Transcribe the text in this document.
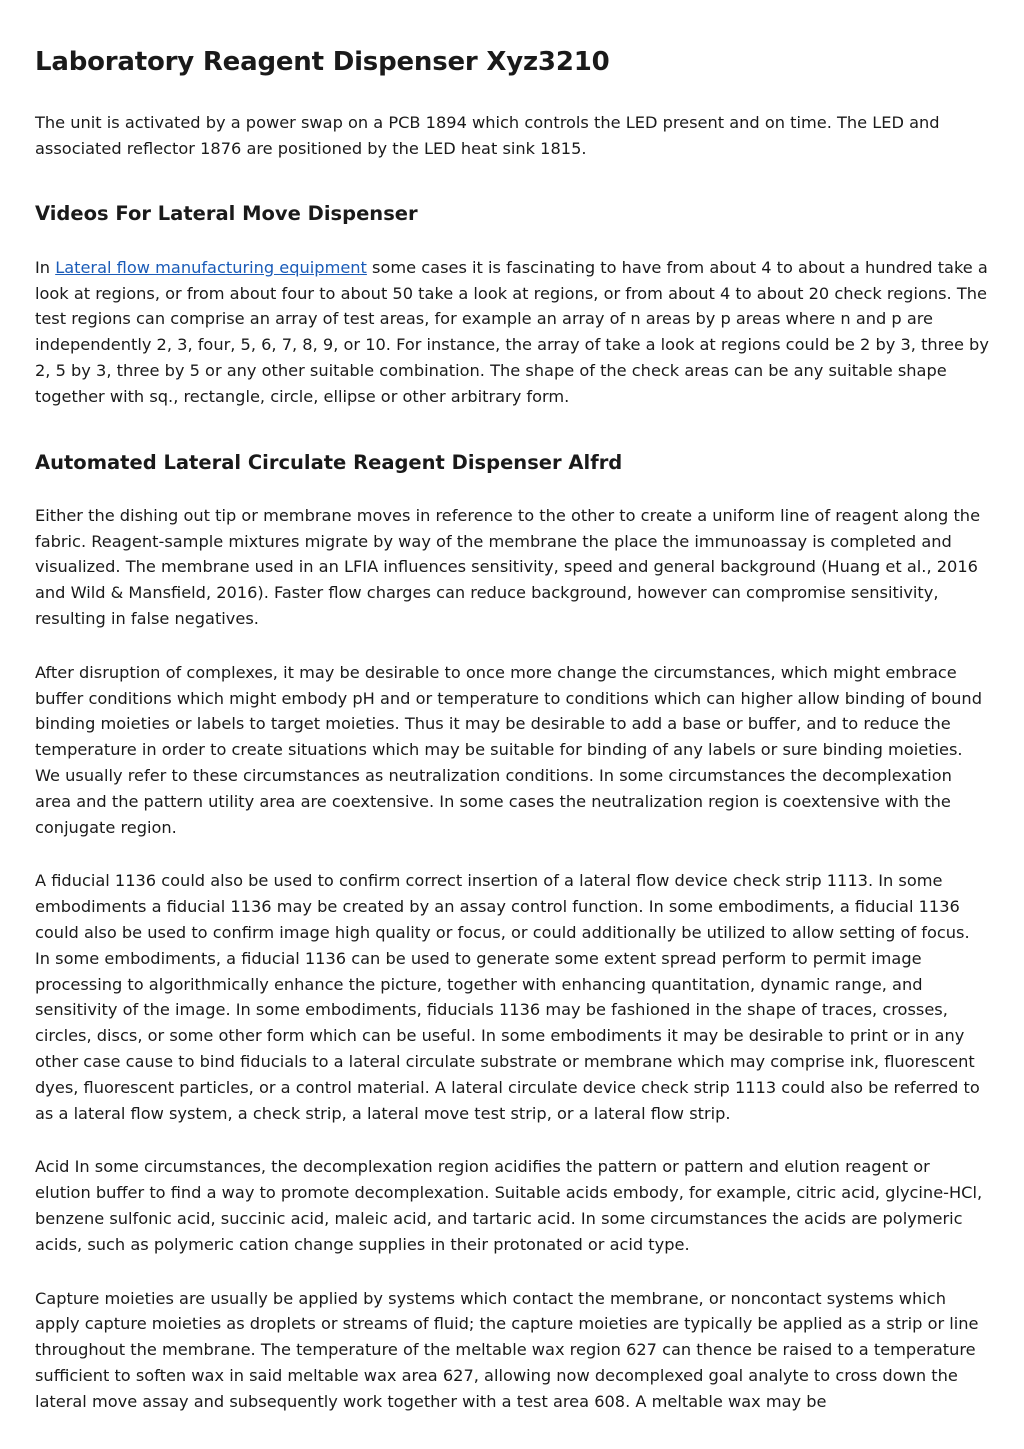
Laboratory Reagent Dispenser Xyz3210

The unit is activated by a power swap on a PCB 1894 which controls the LED present and on time. The LED and associated reflector 1876 are positioned by the LED heat sink 1815.

Videos For Lateral Move Dispenser

In Lateral flow manufacturing equipment some cases it is fascinating to have from about 4 to about a hundred take a look at regions, or from about four to about 50 take a look at regions, or from about 4 to about 20 check regions. The test regions can comprise an array of test areas, for example an array of n areas by p areas where n and p are independently 2, 3, four, 5, 6, 7, 8, 9, or 10. For instance, the array of take a look at regions could be 2 by 3, three by 2, 5 by 3, three by 5 or any other suitable combination. The shape of the check areas can be any suitable shape together with sq., rectangle, circle, ellipse or other arbitrary form.

Automated Lateral Circulate Reagent Dispenser Alfrd

Either the dishing out tip or membrane moves in reference to the other to create a uniform line of reagent along the fabric. Reagent-sample mixtures migrate by way of the membrane the place the immunoassay is completed and visualized. The membrane used in an LFIA influences sensitivity, speed and general background (Huang et al., 2016 and Wild & Mansfield, 2016). Faster flow charges can reduce background, however can compromise sensitivity, resulting in false negatives.

After disruption of complexes, it may be desirable to once more change the circumstances, which might embrace buffer conditions which might embody pH and or temperature to conditions which can higher allow binding of bound binding moieties or labels to target moieties. Thus it may be desirable to add a base or buffer, and to reduce the temperature in order to create situations which may be suitable for binding of any labels or sure binding moieties. We usually refer to these circumstances as neutralization conditions. In some circumstances the decomplexation area and the pattern utility area are coextensive. In some cases the neutralization region is coextensive with the conjugate region.

A fiducial 1136 could also be used to confirm correct insertion of a lateral flow device check strip 1113. In some embodiments a fiducial 1136 may be created by an assay control function. In some embodiments, a fiducial 1136 could also be used to confirm image high quality or focus, or could additionally be utilized to allow setting of focus. In some embodiments, a fiducial 1136 can be used to generate some extent spread perform to permit image processing to algorithmically enhance the picture, together with enhancing quantitation, dynamic range, and sensitivity of the image. In some embodiments, fiducials 1136 may be fashioned in the shape of traces, crosses, circles, discs, or some other form which can be useful. In some embodiments it may be desirable to print or in any other case cause to bind fiducials to a lateral circulate substrate or membrane which may comprise ink, fluorescent dyes, fluorescent particles, or a control material. A lateral circulate device check strip 1113 could also be referred to as a lateral flow system, a check strip, a lateral move test strip, or a lateral flow strip.

Acid In some circumstances, the decomplexation region acidifies the pattern or pattern and elution reagent or elution buffer to find a way to promote decomplexation. Suitable acids embody, for example, citric acid, glycine-HCl, benzene sulfonic acid, succinic acid, maleic acid, and tartaric acid. In some circumstances the acids are polymeric acids, such as polymeric cation change supplies in their protonated or acid type.

Capture moieties are usually be applied by systems which contact the membrane, or noncontact systems which apply capture moieties as droplets or streams of fluid; the capture moieties are typically be applied as a strip or line throughout the membrane. The temperature of the meltable wax region 627 can thence be raised to a temperature sufficient to soften wax in said meltable wax area 627, allowing now decomplexed goal analyte to cross down the lateral move assay and subsequently work together with a test area 608. A meltable wax may be
